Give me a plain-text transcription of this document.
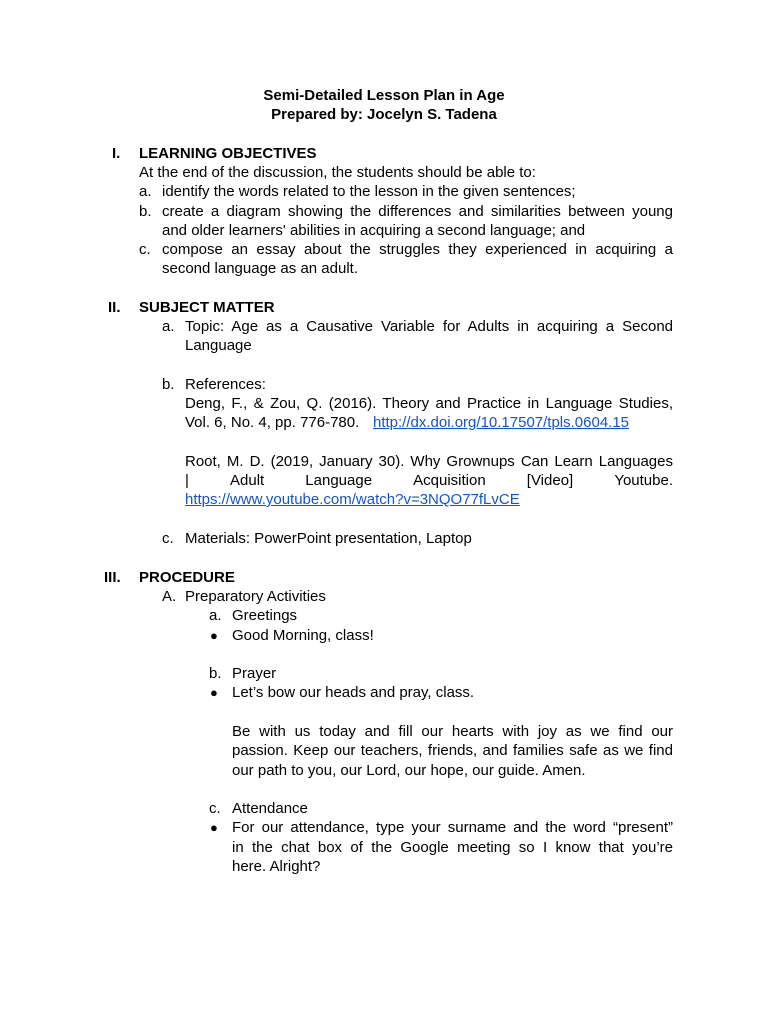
Semi-Detailed Lesson Plan in Age
Prepared by: Jocelyn S. Tadena
I. LEARNING OBJECTIVES
At the end of the discussion, the students should be able to:
a. identify the words related to the lesson in the given sentences;
b. create a diagram showing the differences and similarities between young
and older learners' abilities in acquiring a second language; and
c. compose an essay about the struggles they experienced in acquiring a
second language as an adult.
II. SUBJECT MATTER
a. Topic: Age as a Causative Variable for Adults in acquiring a Second
Language
b. References:
Deng, F., & Zou, Q. (2016). Theory and Practice in Language Studies,
Vol. 6, No. 4, pp. 776-780. http://dx.doi.org/10.17507/tpls.0604.15
Root, M. D. (2019, January 30). Why Grownups Can Learn Languages
|	Adult	Language	Acquisition	[Video]	Youtube.
https://www.youtube.com/watch?v=3NQO77fLvCE
c. Materials: PowerPoint presentation, Laptop
III. PROCEDURE
A. Preparatory Activities
a. Greetings
● Good Morning, class!
b. Prayer
● Let’s bow our heads and pray, class.
Be with us today and fill our hearts with joy as we find our
passion. Keep our teachers, friends, and families safe as we find
our path to you, our Lord, our hope, our guide. Amen.
c. Attendance
● For our attendance, type your surname and the word “present”
in the chat box of the Google meeting so I know that you’re
here. Alright?
